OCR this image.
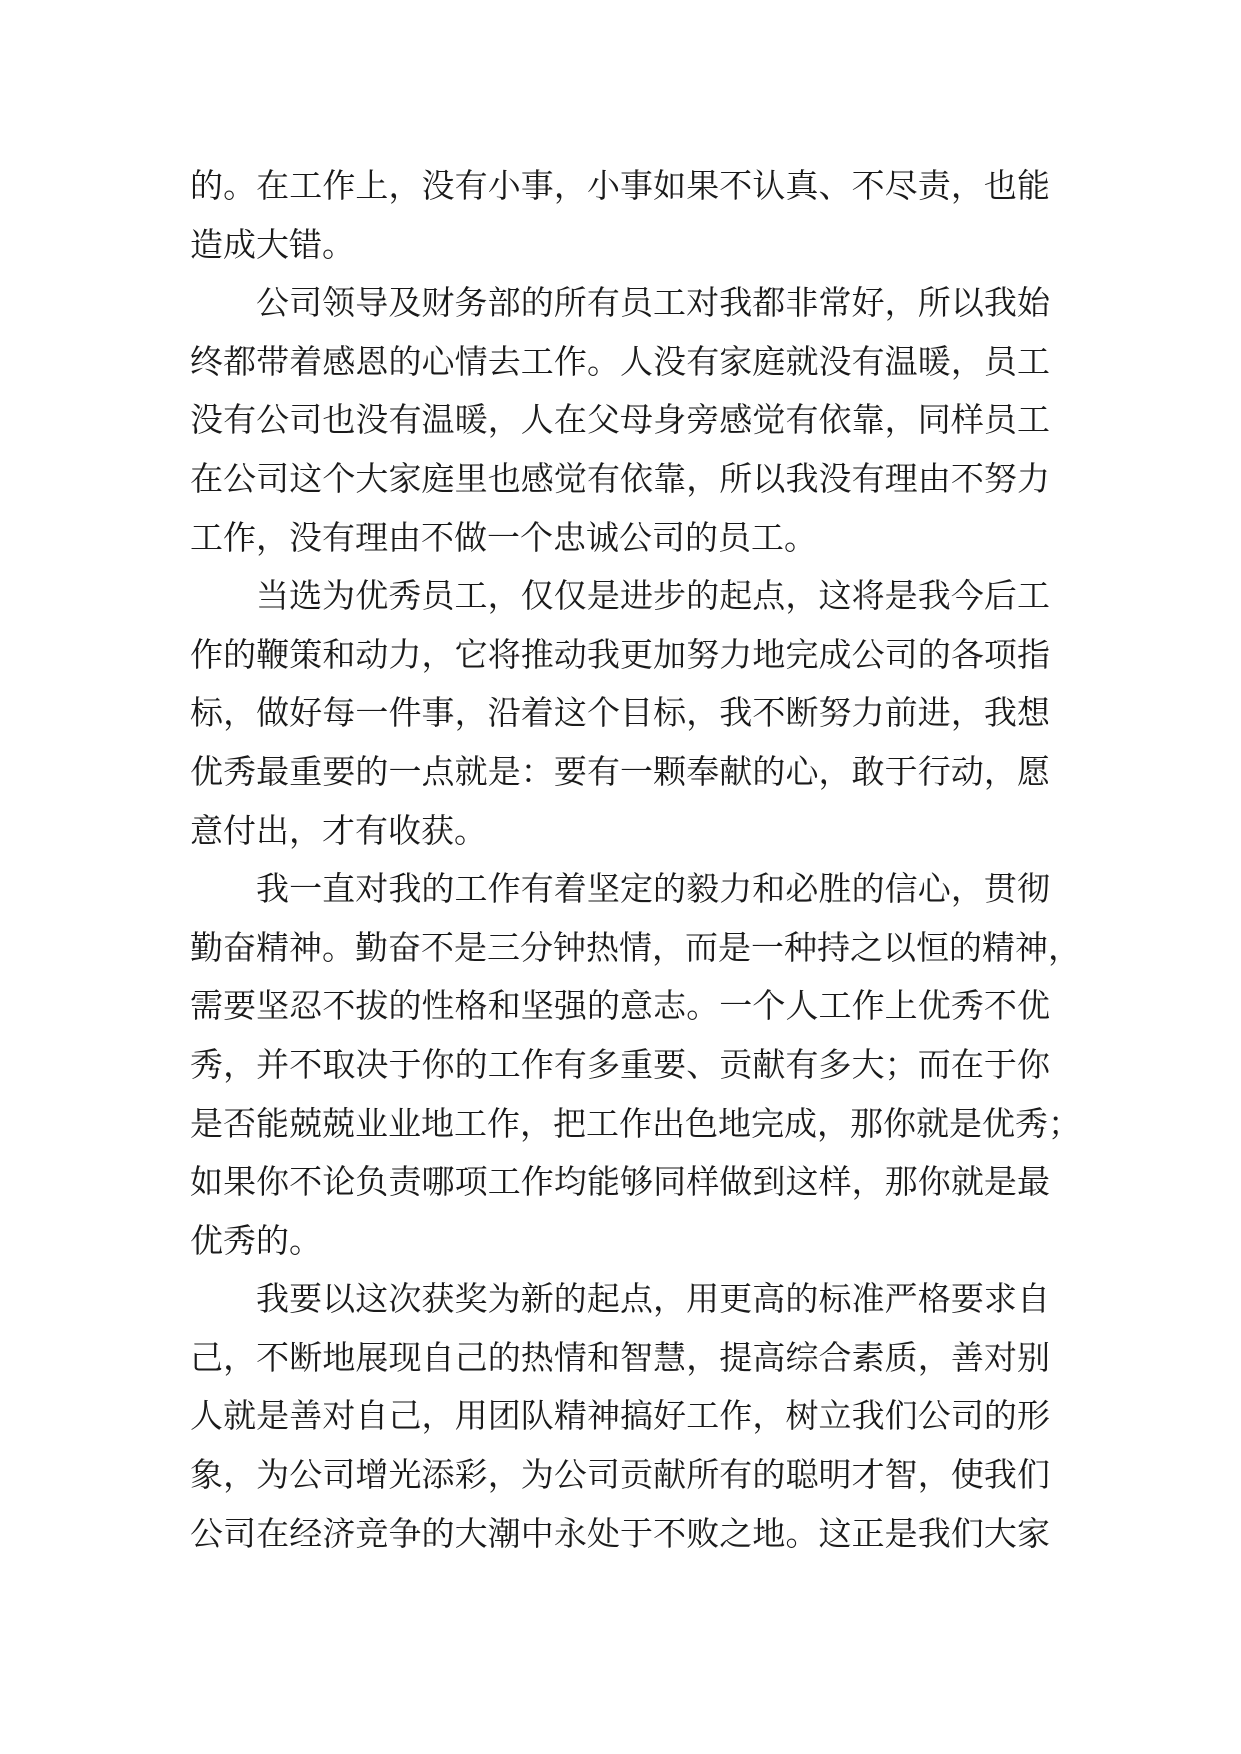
的。在工作上，没有小事，小事如果不认真、不尽责，也能
造成大错。
公司领导及财务部的所有员工对我都非常好，所以我始
终都带着感恩的心情去工作。人没有家庭就没有温暖，员工
没有公司也没有温暖，人在父母身旁感觉有依靠，同样员工
在公司这个大家庭里也感觉有依靠，所以我没有理由不努力
工作，没有理由不做一个忠诚公司的员工。
当选为优秀员工，仅仅是进步的起点，这将是我今后工
作的鞭策和动力，它将推动我更加努力地完成公司的各项指
标，做好每一件事，沿着这个目标，我不断努力前进，我想
优秀最重要的一点就是：要有一颗奉献的心，敢于行动，愿
意付出，才有收获。
我一直对我的工作有着坚定的毅力和必胜的信心，贯彻
勤奋精神。勤奋不是三分钟热情，而是一种持之以恒的精神，
需要坚忍不拔的性格和坚强的意志。一个人工作上优秀不优
秀，并不取决于你的工作有多重要、贡献有多大；而在于你
是否能兢兢业业地工作，把工作出色地完成，那你就是优秀；
如果你不论负责哪项工作均能够同样做到这样，那你就是最
优秀的。
我要以这次获奖为新的起点，用更高的标准严格要求自
己，不断地展现自己的热情和智慧，提高综合素质，善对别
人就是善对自己，用团队精神搞好工作，树立我们公司的形
象，为公司增光添彩，为公司贡献所有的聪明才智，使我们
公司在经济竞争的大潮中永处于不败之地。这正是我们大家
